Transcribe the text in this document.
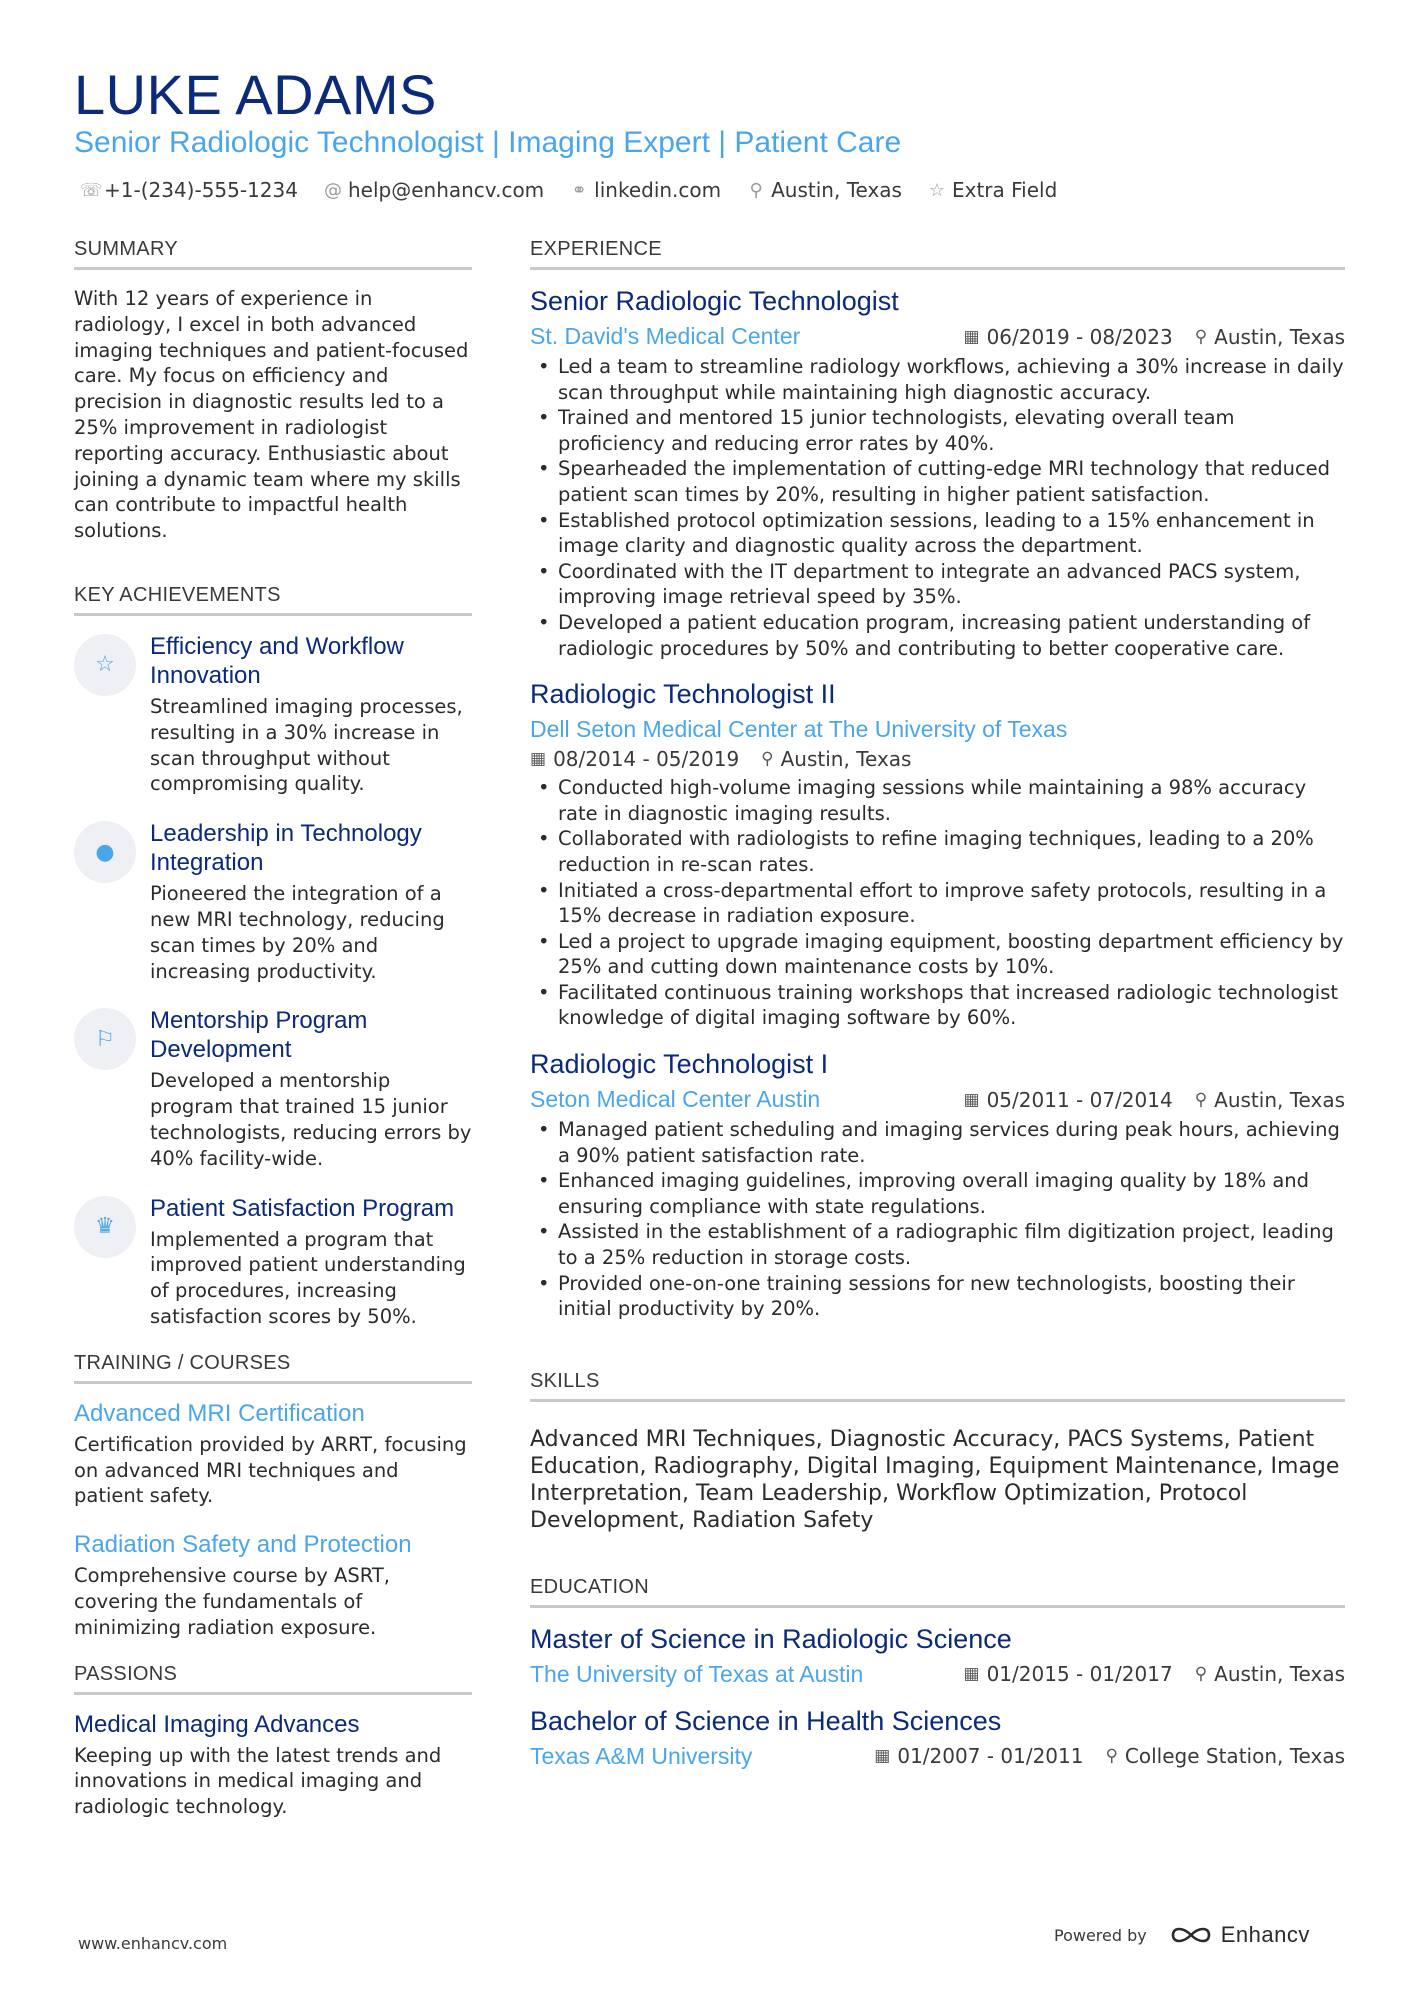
LUKE ADAMS
Senior Radiologic Technologist | Imaging Expert | Patient Care
☏ +1-(234)-555-1234 @ help@enhancv.com ⚭ linkedin.com ⚲ Austin, Texas ☆ Extra Field
SUMMARY
With 12 years of experience in radiology, I excel in both advanced imaging techniques and patient-focused care. My focus on efficiency and precision in diagnostic results led to a 25% improvement in radiologist reporting accuracy. Enthusiastic about joining a dynamic team where my skills can contribute to impactful health solutions.
KEY ACHIEVEMENTS
☆
Efficiency and Workflow Innovation
Streamlined imaging processes, resulting in a 30% increase in scan throughput without compromising quality.
●
Leadership in Technology Integration
Pioneered the integration of a new MRI technology, reducing scan times by 20% and increasing productivity.
⚐
Mentorship Program Development
Developed a mentorship program that trained 15 junior technologists, reducing errors by 40% facility-wide.
♛
Patient Satisfaction Program
Implemented a program that improved patient understanding of procedures, increasing satisfaction scores by 50%.
TRAINING / COURSES
Advanced MRI Certification
Certification provided by ARRT, focusing on advanced MRI techniques and patient safety.
Radiation Safety and Protection
Comprehensive course by ASRT, covering the fundamentals of minimizing radiation exposure.
PASSIONS
Medical Imaging Advances
Keeping up with the latest trends and innovations in medical imaging and radiologic technology.
EXPERIENCE
Senior Radiologic Technologist
St. David's Medical Center	▦ 06/2019 - 08/2023 ⚲ Austin, Texas
• Led a team to streamline radiology workflows, achieving a 30% increase in daily scan throughput while maintaining high diagnostic accuracy.
• Trained and mentored 15 junior technologists, elevating overall team proficiency and reducing error rates by 40%.
• Spearheaded the implementation of cutting-edge MRI technology that reduced patient scan times by 20%, resulting in higher patient satisfaction.
• Established protocol optimization sessions, leading to a 15% enhancement in image clarity and diagnostic quality across the department.
• Coordinated with the IT department to integrate an advanced PACS system, improving image retrieval speed by 35%.
• Developed a patient education program, increasing patient understanding of radiologic procedures by 50% and contributing to better cooperative care.
Radiologic Technologist II
Dell Seton Medical Center at The University of Texas
▦ 08/2014 - 05/2019 ⚲ Austin, Texas
• Conducted high-volume imaging sessions while maintaining a 98% accuracy rate in diagnostic imaging results.
• Collaborated with radiologists to refine imaging techniques, leading to a 20% reduction in re-scan rates.
• Initiated a cross-departmental effort to improve safety protocols, resulting in a 15% decrease in radiation exposure.
• Led a project to upgrade imaging equipment, boosting department efficiency by 25% and cutting down maintenance costs by 10%.
• Facilitated continuous training workshops that increased radiologic technologist knowledge of digital imaging software by 60%.
Radiologic Technologist I
Seton Medical Center Austin	▦ 05/2011 - 07/2014 ⚲ Austin, Texas
• Managed patient scheduling and imaging services during peak hours, achieving a 90% patient satisfaction rate.
• Enhanced imaging guidelines, improving overall imaging quality by 18% and ensuring compliance with state regulations.
• Assisted in the establishment of a radiographic film digitization project, leading to a 25% reduction in storage costs.
• Provided one-on-one training sessions for new technologists, boosting their initial productivity by 20%.
SKILLS
Advanced MRI Techniques, Diagnostic Accuracy, PACS Systems, Patient Education, Radiography, Digital Imaging, Equipment Maintenance, Image Interpretation, Team Leadership, Workflow Optimization, Protocol Development, Radiation Safety
EDUCATION
Master of Science in Radiologic Science
The University of Texas at Austin	▦ 01/2015 - 01/2017 ⚲ Austin, Texas
Bachelor of Science in Health Sciences
Texas A&M University	▦ 01/2007 - 01/2011 ⚲ College Station, Texas
www.enhancv.com	Powered by	Enhancv
